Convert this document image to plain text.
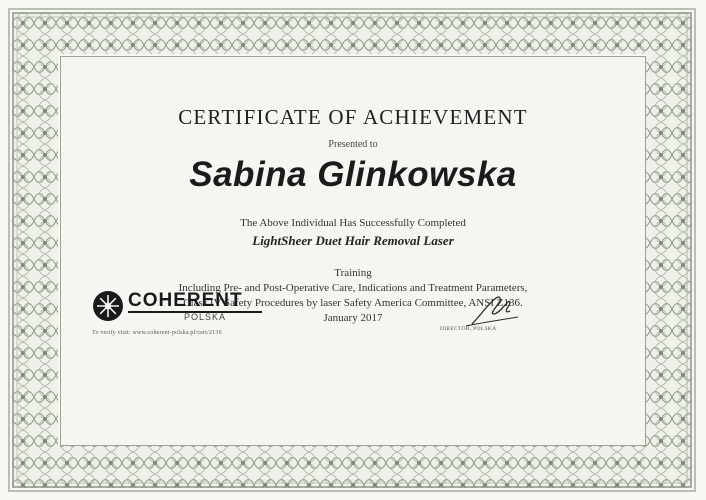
CERTIFICATE OF ACHIEVEMENT
Presented to
Sabina Glinkowska
The Above Individual Has Successfully Completed
LightSheer Duet Hair Removal Laser
Training
Including Pre- and Post-Operative Care, Indications and Treatment Parameters,
Class IV Safety Procedures by laser Safety America Committee, ANSI Z136.
January 2017
COHERENT
POLSKA
To verify visit: www.coherent-polska.pl/cert/2136
DIRECTOR, POLSKA
